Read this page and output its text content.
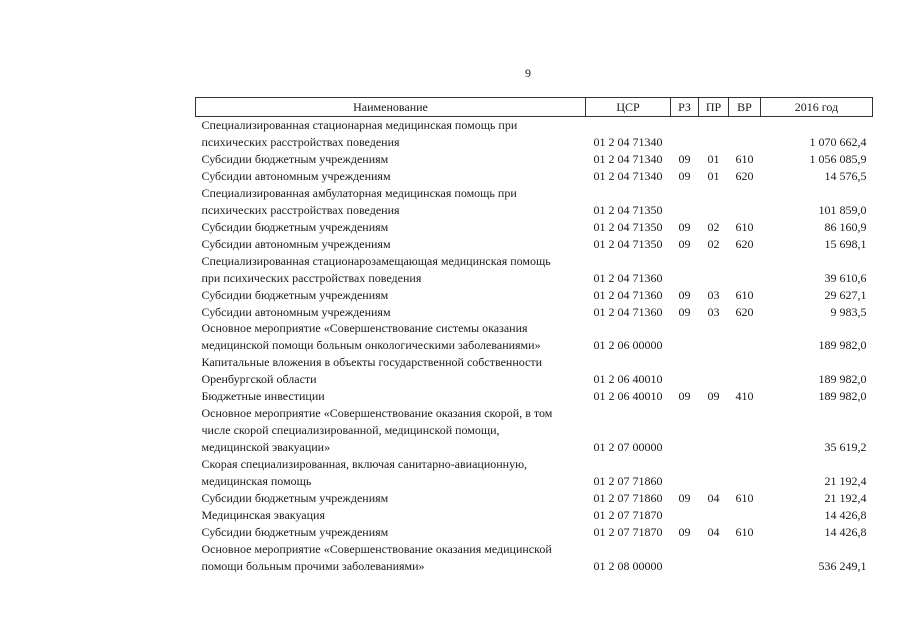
9
Наименование	ЦСР	РЗ	ПР	ВР	2016 год

Специализированная стационарная медицинская помощь при
психических расстройствах поведения	01 2 04 71340				1 070 662,4

Субсидии бюджетным учреждениям	01 2 04 71340	09	01	610	1 056 085,9

Субсидии автономным учреждениям	01 2 04 71340	09	01	620	14 576,5

Специализированная амбулаторная медицинская помощь при
психических расстройствах поведения	01 2 04 71350				101 859,0

Субсидии бюджетным учреждениям	01 2 04 71350	09	02	610	86 160,9

Субсидии автономным учреждениям	01 2 04 71350	09	02	620	15 698,1

Специализированная стационарозамещающая медицинская помощь
при психических расстройствах поведения	01 2 04 71360				39 610,6

Субсидии бюджетным учреждениям	01 2 04 71360	09	03	610	29 627,1

Субсидии автономным учреждениям	01 2 04 71360	09	03	620	9 983,5

Основное мероприятие «Совершенствование системы оказания
медицинской помощи больным онкологическими заболеваниями»	01 2 06 00000				189 982,0

Капитальные вложения в объекты государственной собственности
Оренбургской области	01 2 06 40010				189 982,0

Бюджетные инвестиции	01 2 06 40010	09	09	410	189 982,0

Основное мероприятие «Совершенствование оказания скорой, в том
числе скорой специализированной, медицинской помощи,
медицинской эвакуации»	01 2 07 00000				35 619,2

Скорая специализированная, включая санитарно-авиационную,
медицинская помощь	01 2 07 71860				21 192,4

Субсидии бюджетным учреждениям	01 2 07 71860	09	04	610	21 192,4

Медицинская эвакуация	01 2 07 71870				14 426,8

Субсидии бюджетным учреждениям	01 2 07 71870	09	04	610	14 426,8

Основное мероприятие «Совершенствование оказания медицинской
помощи больным прочими заболеваниями»	01 2 08 00000				536 249,1
